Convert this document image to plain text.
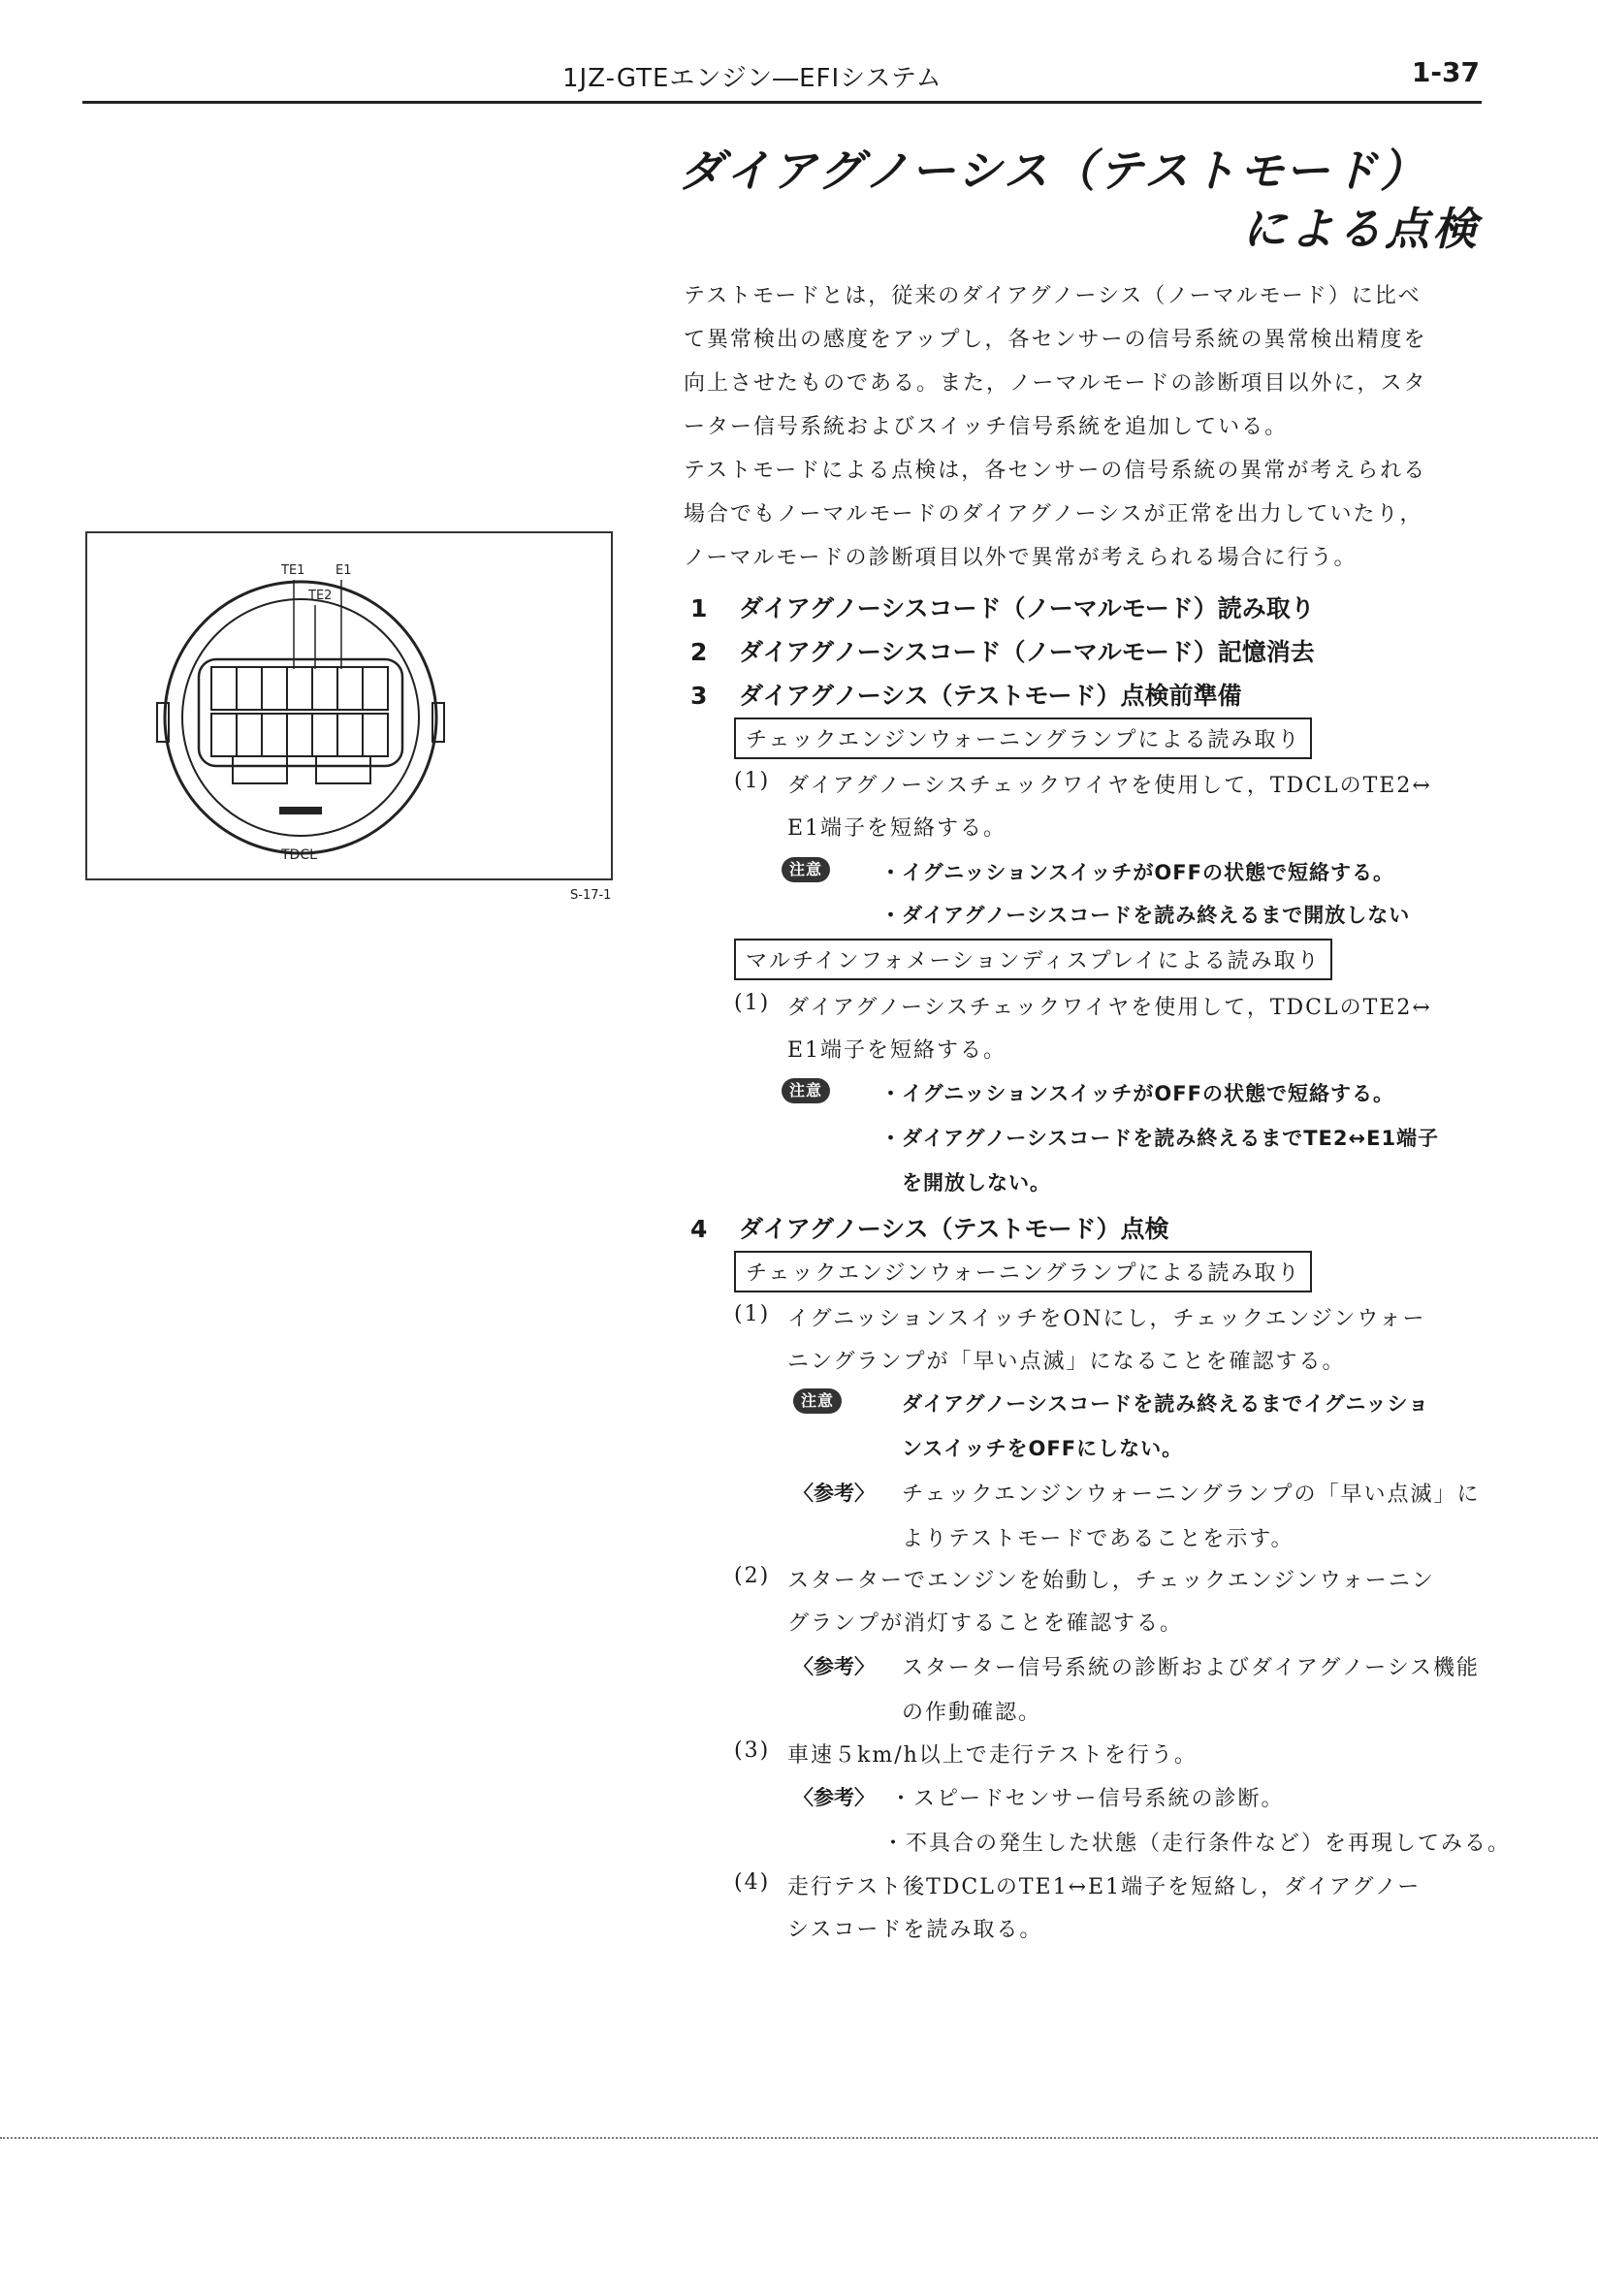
1JZ-GTEエンジン―EFIシステム	1-37
ダイアグノーシス（テストモード）
による点検
テストモードとは，従来のダイアグノーシス（ノーマルモード）に比べ
て異常検出の感度をアップし，各センサーの信号系統の異常検出精度を
向上させたものである。また，ノーマルモードの診断項目以外に，スタ
ーター信号系統およびスイッチ信号系統を追加している。
テストモードによる点検は，各センサーの信号系統の異常が考えられる
場合でもノーマルモードのダイアグノーシスが正常を出力していたり，
ノーマルモードの診断項目以外で異常が考えられる場合に行う。
TE1 E1
TE2
TDCL
S-17-1
1 ダイアグノーシスコード（ノーマルモード）読み取り
2 ダイアグノーシスコード（ノーマルモード）記憶消去
3 ダイアグノーシス（テストモード）点検前準備
チェックエンジンウォーニングランプによる読み取り
(1) ダイアグノーシスチェックワイヤを使用して，TDCLのTE2↔
E1端子を短絡する。
注意	・イグニッションスイッチがOFFの状態で短絡する。
・ダイアグノーシスコードを読み終えるまで開放しない
マルチインフォメーションディスプレイによる読み取り
(1) ダイアグノーシスチェックワイヤを使用して，TDCLのTE2↔
E1端子を短絡する。
注意	・イグニッションスイッチがOFFの状態で短絡する。
・ダイアグノーシスコードを読み終えるまでTE2↔E1端子
を開放しない。
4 ダイアグノーシス（テストモード）点検
チェックエンジンウォーニングランプによる読み取り
(1) イグニッションスイッチをONにし，チェックエンジンウォー
ニングランプが「早い点滅」になることを確認する。
注意	ダイアグノーシスコードを読み終えるまでイグニッショ
ンスイッチをOFFにしない。
〈参考〉 チェックエンジンウォーニングランプの「早い点滅」に
よりテストモードであることを示す。
(2) スターターでエンジンを始動し，チェックエンジンウォーニン
グランプが消灯することを確認する。
〈参考〉 スターター信号系統の診断およびダイアグノーシス機能
の作動確認。
(3) 車速５km/h以上で走行テストを行う。
〈参考〉 ・スピードセンサー信号系統の診断。
・不具合の発生した状態（走行条件など）を再現してみる。
(4) 走行テスト後TDCLのTE1↔E1端子を短絡し，ダイアグノー
シスコードを読み取る。
